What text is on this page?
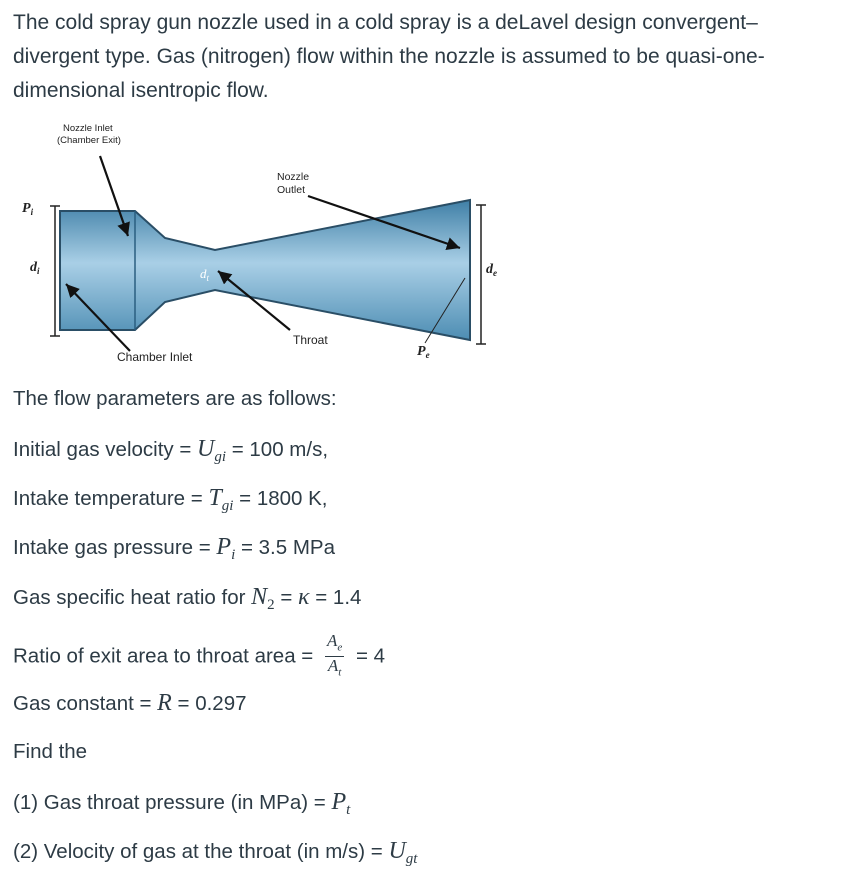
The cold spray gun nozzle used in a cold spray is a deLavel design convergent–divergent type. Gas (nitrogen) flow within the nozzle is assumed to be quasi-one-dimensional isentropic flow.

Nozzle Inlet
(Chamber Exit)
Nozzle
Outlet
Throat
Chamber Inlet
$P_i$
$d_i$	$d_t$
$d_e$
$P_e$
The flow parameters are as follows:
Initial gas velocity = $U_{gi} = 100$ m/s,
Intake temperature = $T_{gi} = 1800$ K,
Intake gas pressure = $P_i = 3.5$ MPa
Gas specific heat ratio for $N_2 = \kappa = 1.4$
Ratio of exit area to throat area = $\frac{A_e}{A_t} = 4$
Gas constant = R = 0.297
Find the
(1) Gas throat pressure (in $MPa) = P_t$
(2) Velocity of gas at the throat (in $m/s) = U_{gt}$
